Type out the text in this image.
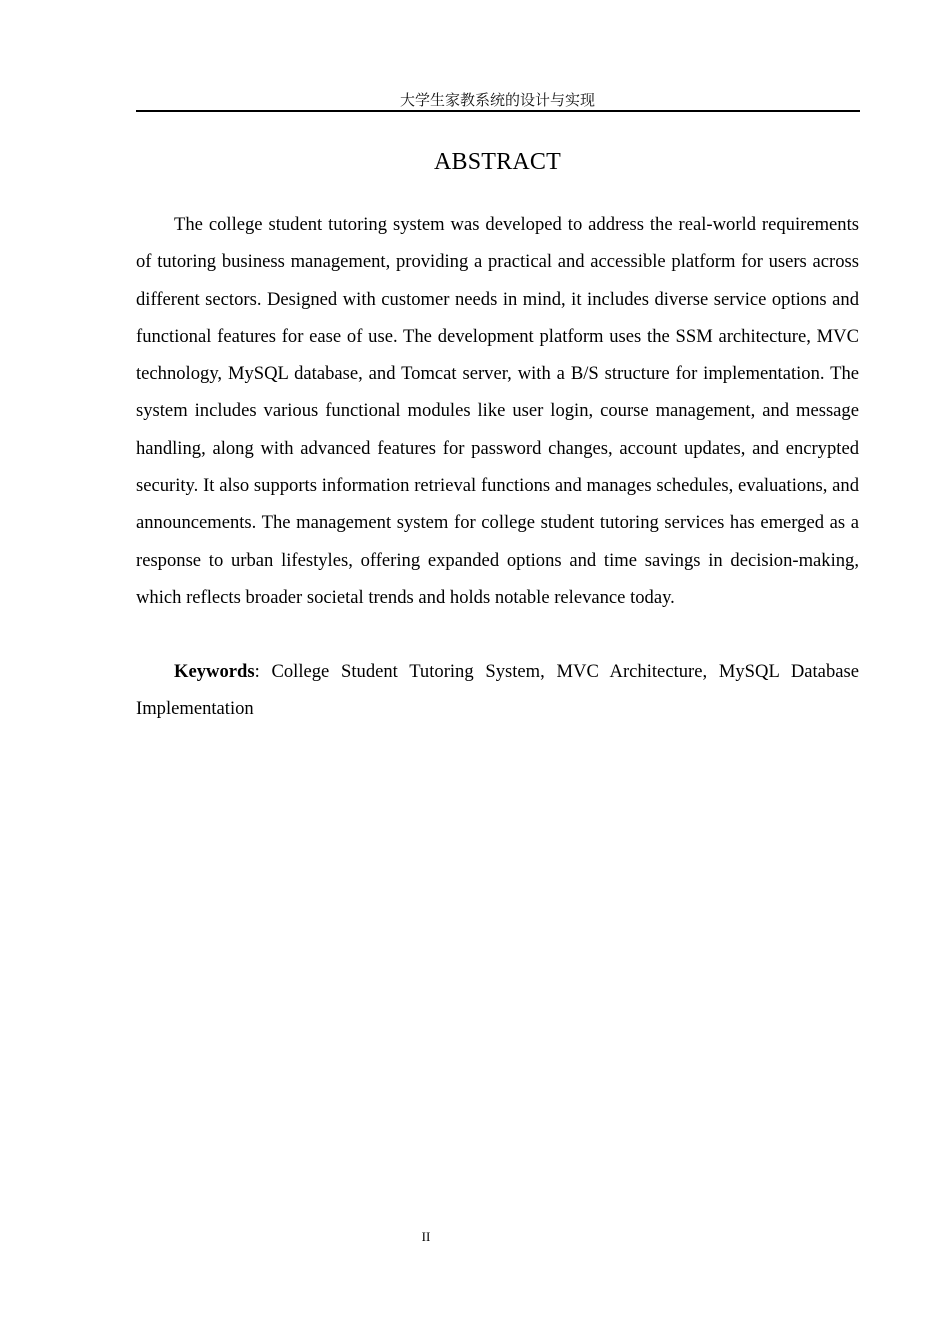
大学生家教系统的设计与实现
ABSTRACT

The college student tutoring system was developed to address the real-world requirements of tutoring business management, providing a practical and accessible platform for users across different sectors. Designed with customer needs in mind, it includes diverse service options and functional features for ease of use. The development platform uses the SSM architecture, MVC technology, MySQL database, and Tomcat server, with a B/S structure for implementation. The system includes various functional modules like user login, course management, and message handling, along with advanced features for password changes, account updates, and encrypted security. It also supports information retrieval functions and manages schedules, evaluations, and announcements. The management system for college student tutoring services has emerged as a response to urban lifestyles, offering expanded options and time savings in decision-making, which reflects broader societal trends and holds notable relevance today.

Keywords: College Student Tutoring System, MVC Architecture, MySQL Database Implementation

II
